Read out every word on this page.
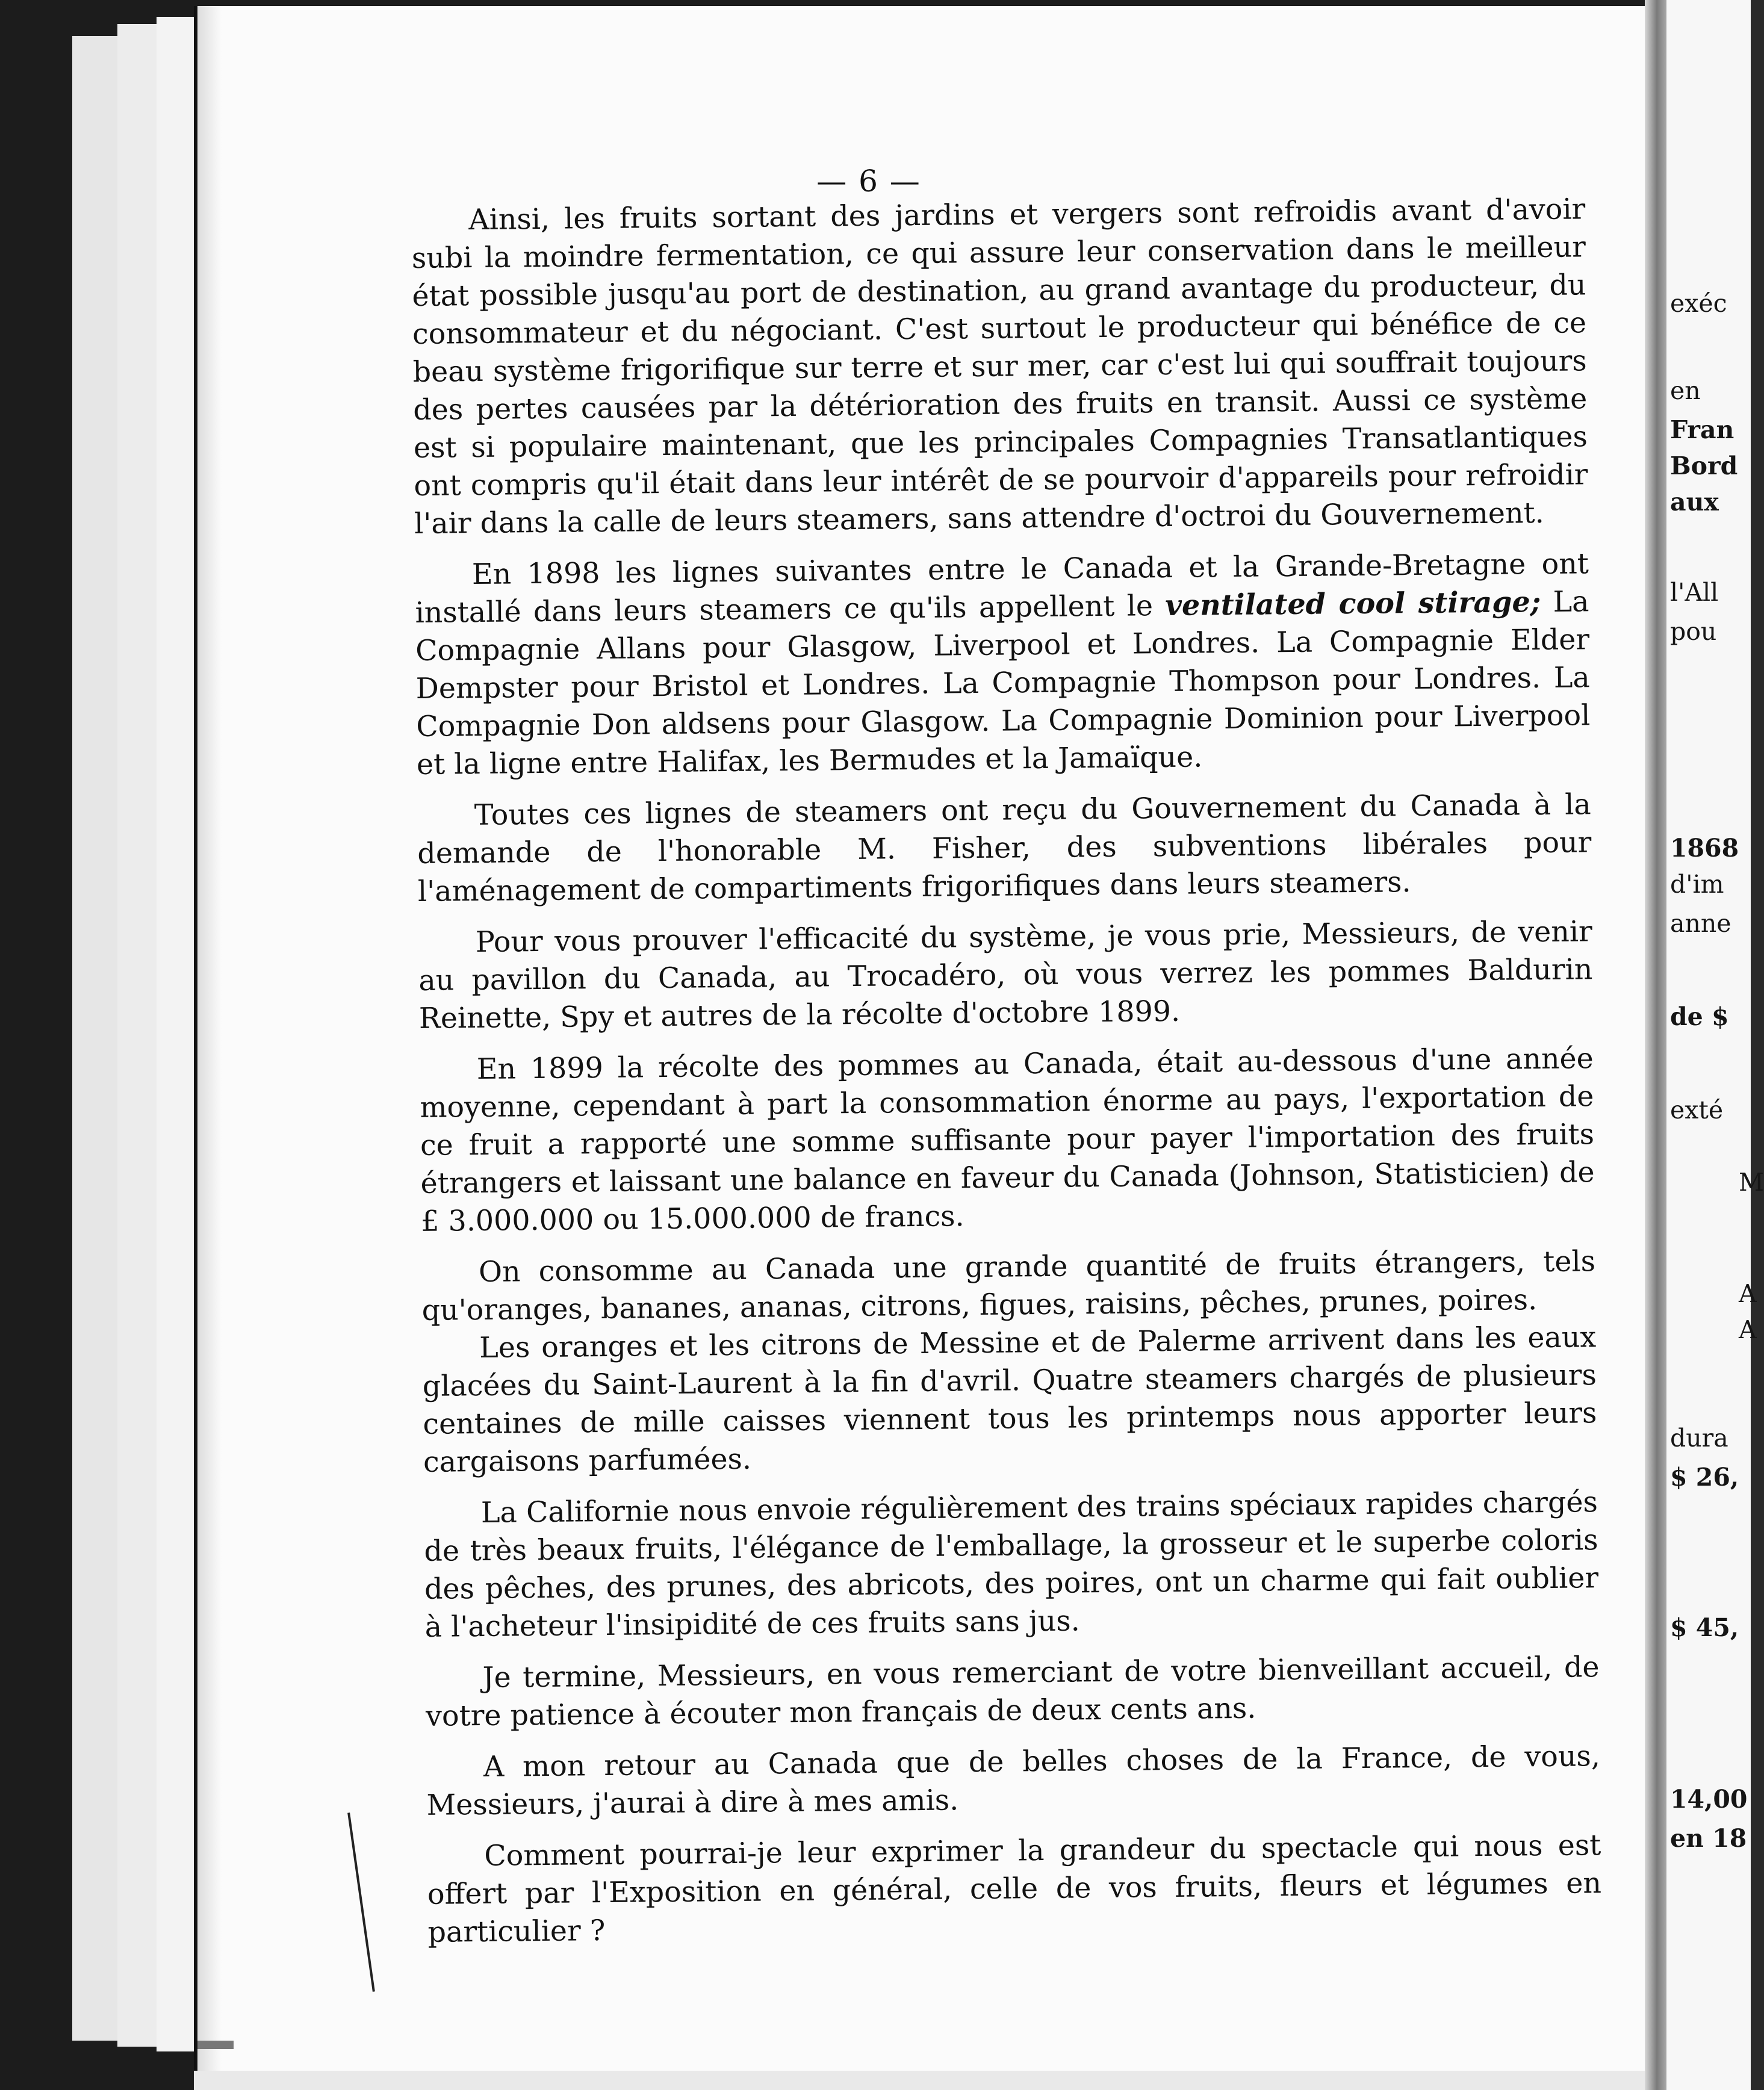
— 6 —

Ainsi, les fruits sortant des jardins et vergers sont refroidis avant d'avoir subi la moindre fermentation, ce qui assure leur conservation dans le meilleur état possible jusqu'au port de destination, au grand avantage du producteur, du consommateur et du négociant. C'est surtout le producteur qui bénéfice de ce beau système frigorifique sur terre et sur mer, car c'est lui qui souffrait toujours des pertes causées par la détérioration des fruits en transit. Aussi ce système est si populaire maintenant, que les principales Compagnies Transatlantiques ont compris qu'il était dans leur intérêt de se pourvoir d'appareils pour refroidir l'air dans la calle de leurs steamers, sans attendre d'octroi du Gouvernement.

En 1898 les lignes suivantes entre le Canada et la Grande-Bretagne ont installé dans leurs steamers ce qu'ils appellent le ventilated cool stirage; La Compagnie Allans pour Glasgow, Liverpool et Londres. La Compagnie Elder Dempster pour Bristol et Londres. La Compagnie Thompson pour Londres. La Compagnie Don aldsens pour Glasgow. La Compagnie Dominion pour Liverpool et la ligne entre Halifax, les Bermudes et la Jamaïque.

Toutes ces lignes de steamers ont reçu du Gouvernement du Canada à la demande de l'honorable M. Fisher, des subventions libérales pour l'aménagement de compartiments frigorifiques dans leurs steamers.

Pour vous prouver l'efficacité du système, je vous prie, Messieurs, de venir au pavillon du Canada, au Trocadéro, où vous verrez les pommes Baldurin Reinette, Spy et autres de la récolte d'octobre 1899.

En 1899 la récolte des pommes au Canada, était au-dessous d'une année moyenne, cependant à part la consommation énorme au pays, l'exportation de ce fruit a rapporté une somme suffisante pour payer l'importation des fruits étrangers et laissant une balance en faveur du Canada (Johnson, Statisticien) de £ 3.000.000 ou 15.000.000 de francs.

On consomme au Canada une grande quantité de fruits étrangers, tels qu'oranges, bananes, ananas, citrons, figues, raisins, pêches, prunes, poires.

Les oranges et les citrons de Messine et de Palerme arrivent dans les eaux glacées du Saint-Laurent à la fin d'avril. Quatre steamers chargés de plusieurs centaines de mille caisses viennent tous les printemps nous apporter leurs cargaisons parfumées.

La Californie nous envoie régulièrement des trains spéciaux rapides chargés de très beaux fruits, l'élégance de l'emballage, la grosseur et le superbe coloris des pêches, des prunes, des abricots, des poires, ont un charme qui fait oublier à l'acheteur l'insipidité de ces fruits sans jus.

Je termine, Messieurs, en vous remerciant de votre bienveillant accueil, de votre patience à écouter mon français de deux cents ans.

A mon retour au Canada que de belles choses de la France, de vous, Messieurs, j'aurai à dire à mes amis.

Comment pourrai-je leur exprimer la grandeur du spectacle qui nous est offert par l'Exposition en général, celle de vos fruits, fleurs et légumes en particulier ?

exéc
en
Fran
Bord
aux
l'All
pou
1868
d'im
anne
de $
exté
M
A
A
dura
$ 26,
$ 45,
14,00
en 18
